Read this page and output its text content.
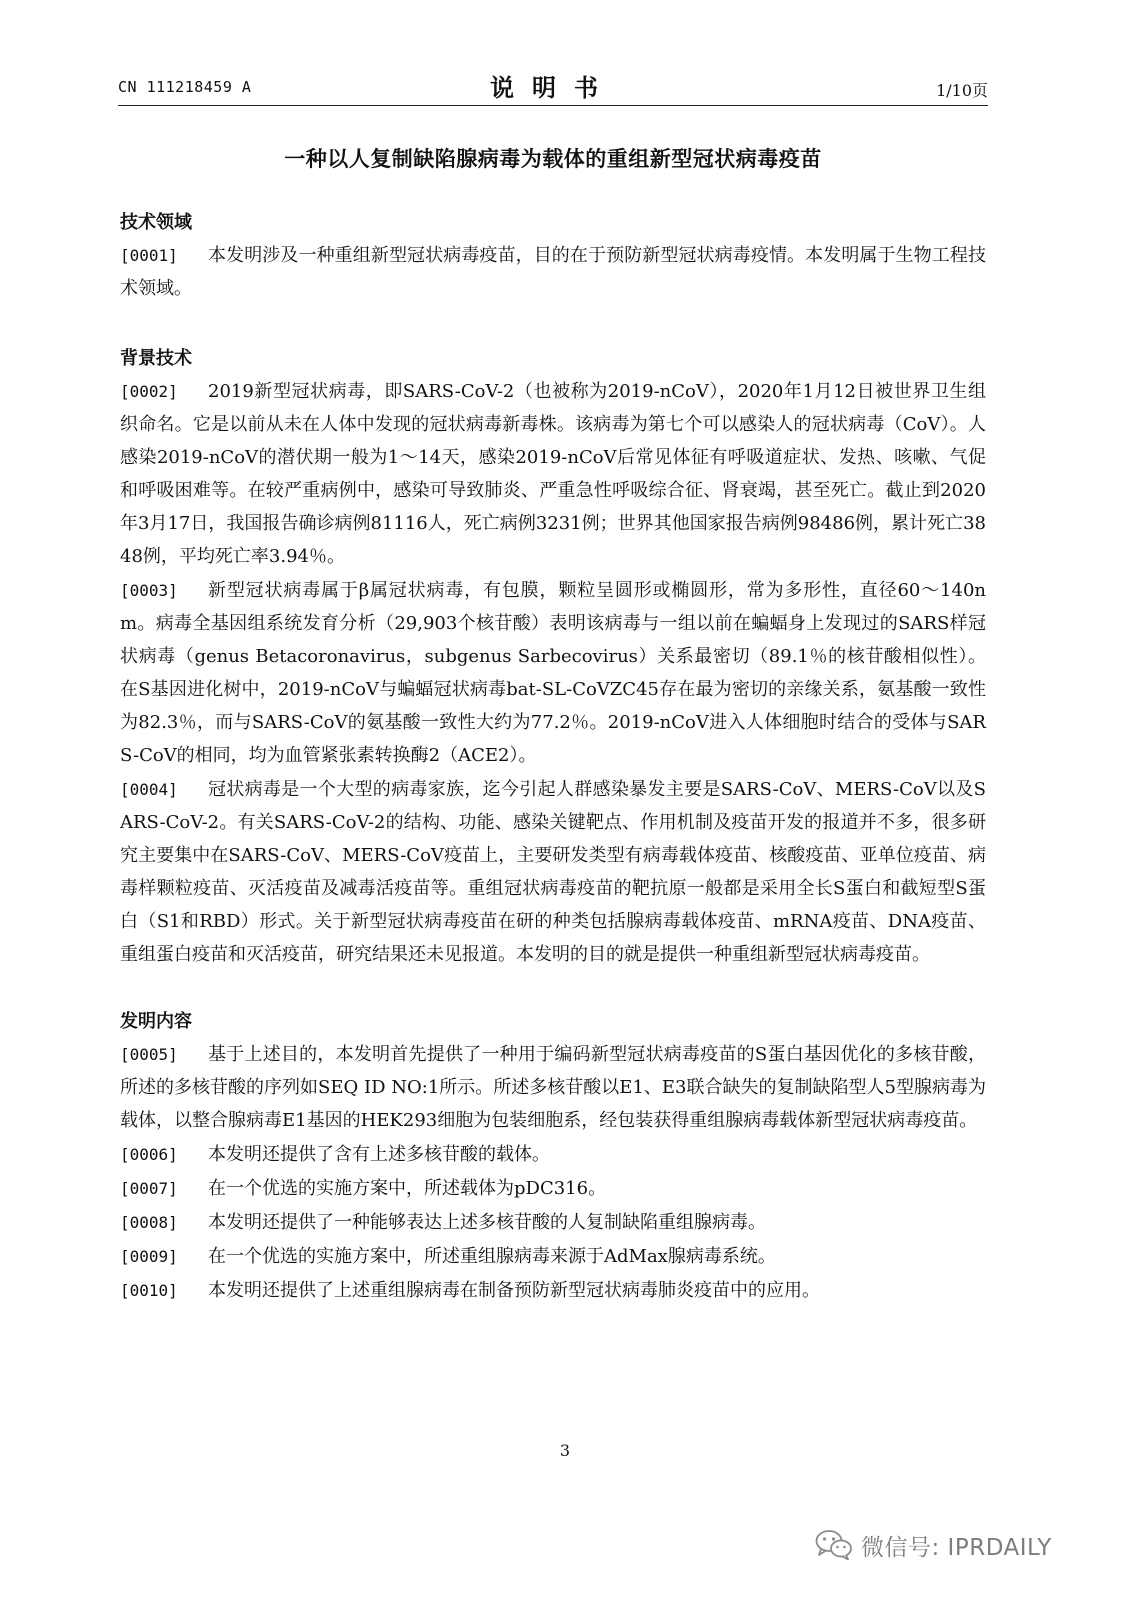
CN 111218459 A	说明书	1/10页
一种以人复制缺陷腺病毒为载体的重组新型冠状病毒疫苗
技术领域
[0001]	本发明涉及一种重组新型冠状病毒疫苗，目的在于预防新型冠状病毒疫情。本发明属于生物工程技术领域。
背景技术
[0002]	2019新型冠状病毒，即SARS-CoV-2（也被称为2019-nCoV），2020年1月12日被世界卫生组织命名。它是以前从未在人体中发现的冠状病毒新毒株。该病毒为第七个可以感染人的冠状病毒（CoV）。人感染2019-nCoV的潜伏期一般为1～14天，感染2019-nCoV后常见体征有呼吸道症状、发热、咳嗽、气促和呼吸困难等。在较严重病例中，感染可导致肺炎、严重急性呼吸综合征、肾衰竭，甚至死亡。截止到2020年3月17日，我国报告确诊病例81116人，死亡病例3231例；世界其他国家报告病例98486例，累计死亡3848例，平均死亡率3.94％。
[0003]	新型冠状病毒属于β属冠状病毒，有包膜，颗粒呈圆形或椭圆形，常为多形性，直径60～140nm。病毒全基因组系统发育分析（29,903个核苷酸）表明该病毒与一组以前在蝙蝠身上发现过的SARS样冠状病毒（genus Betacoronavirus，subgenus Sarbecovirus）关系最密切（89.1％的核苷酸相似性）。在S基因进化树中，2019-nCoV与蝙蝠冠状病毒bat-SL-CoVZC45存在最为密切的亲缘关系，氨基酸一致性为82.3％，而与SARS-CoV的氨基酸一致性大约为77.2％。2019-nCoV进入人体细胞时结合的受体与SARS-CoV的相同，均为血管紧张素转换酶2（ACE2）。
[0004]	冠状病毒是一个大型的病毒家族，迄今引起人群感染暴发主要是SARS-CoV、MERS-CoV以及SARS-CoV-2。有关SARS-CoV-2的结构、功能、感染关键靶点、作用机制及疫苗开发的报道并不多，很多研究主要集中在SARS-CoV、MERS-CoV疫苗上，主要研发类型有病毒载体疫苗、核酸疫苗、亚单位疫苗、病毒样颗粒疫苗、灭活疫苗及减毒活疫苗等。重组冠状病毒疫苗的靶抗原一般都是采用全长S蛋白和截短型S蛋白（S1和RBD）形式。关于新型冠状病毒疫苗在研的种类包括腺病毒载体疫苗、mRNA疫苗、DNA疫苗、重组蛋白疫苗和灭活疫苗，研究结果还未见报道。本发明的目的就是提供一种重组新型冠状病毒疫苗。
发明内容
[0005]	基于上述目的，本发明首先提供了一种用于编码新型冠状病毒疫苗的S蛋白基因优化的多核苷酸，所述的多核苷酸的序列如SEQ ID NO:1所示。所述多核苷酸以E1、E3联合缺失的复制缺陷型人5型腺病毒为载体，以整合腺病毒E1基因的HEK293细胞为包装细胞系，经包装获得重组腺病毒载体新型冠状病毒疫苗。
[0006]	本发明还提供了含有上述多核苷酸的载体。
[0007]	在一个优选的实施方案中，所述载体为pDC316。
[0008]	本发明还提供了一种能够表达上述多核苷酸的人复制缺陷重组腺病毒。
[0009]	在一个优选的实施方案中，所述重组腺病毒来源于AdMax腺病毒系统。
[0010]	本发明还提供了上述重组腺病毒在制备预防新型冠状病毒肺炎疫苗中的应用。
3
微信号: IPRDAILY
